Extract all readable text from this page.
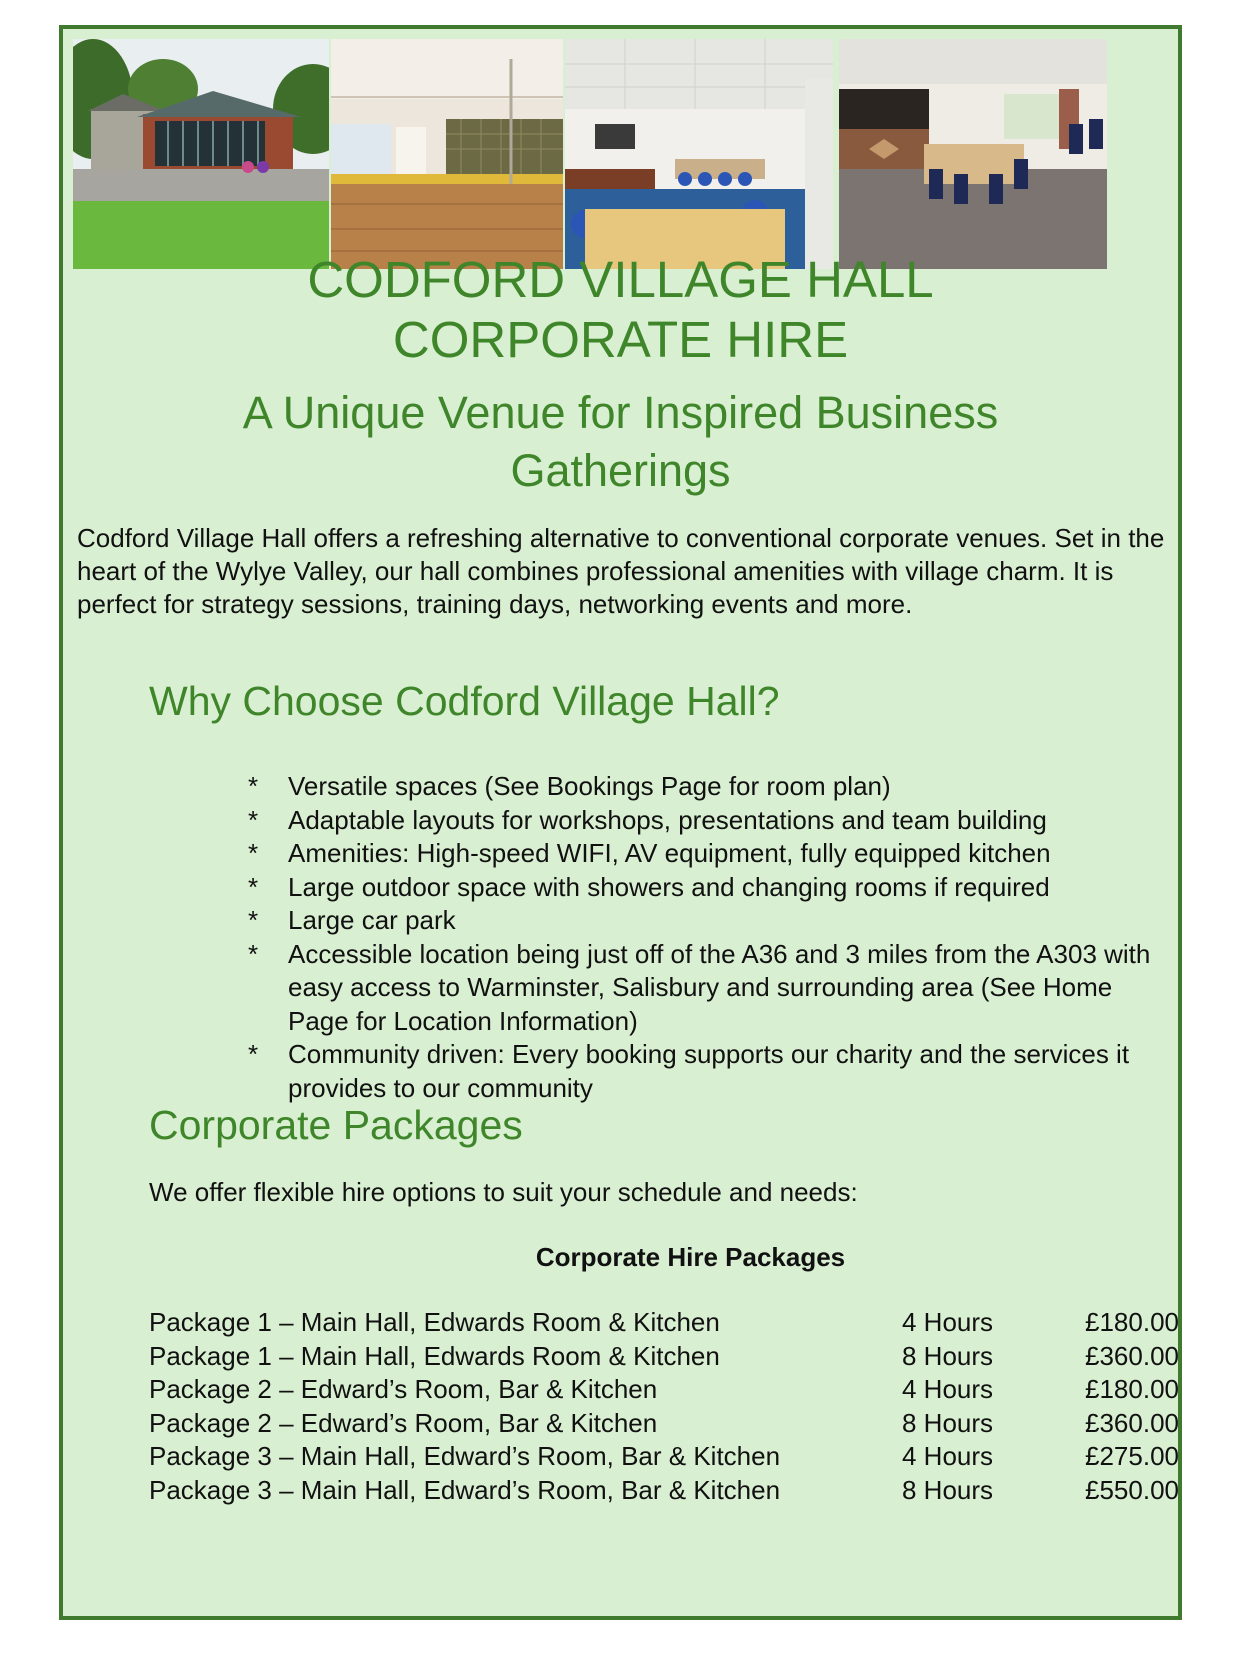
CODFORD VILLAGE HALL
CORPORATE HIRE
A Unique Venue for Inspired Business
Gatherings
Codford Village Hall offers a refreshing alternative to conventional corporate venues. Set in the heart of the Wylye Valley, our hall combines professional amenities with village charm. It is perfect for strategy sessions, training days, networking events and more.
Why Choose Codford Village Hall?
*	Versatile spaces (See Bookings Page for room plan)
*	Adaptable layouts for workshops, presentations and team building
*	Amenities: High-speed WIFI, AV equipment, fully equipped kitchen
*	Large outdoor space with showers and changing rooms if required
*	Large car park
*	Accessible location being just off of the A36 and 3 miles from the A303 with easy access to Warminster, Salisbury and surrounding area (See Home Page for Location Information)
*	Community driven: Every booking supports our charity and the services it provides to our community
Corporate Packages
We offer flexible hire options to suit your schedule and needs:
Corporate Hire Packages
Package 1 – Main Hall, Edwards Room & Kitchen	4 Hours	£180.00
Package 1 – Main Hall, Edwards Room & Kitchen	8 Hours	£360.00
Package 2 – Edward’s Room, Bar & Kitchen	4 Hours	£180.00
Package 2 – Edward’s Room, Bar & Kitchen	8 Hours	£360.00
Package 3 – Main Hall, Edward’s Room, Bar & Kitchen	4 Hours	£275.00
Package 3 – Main Hall, Edward’s Room, Bar & Kitchen	8 Hours	£550.00
